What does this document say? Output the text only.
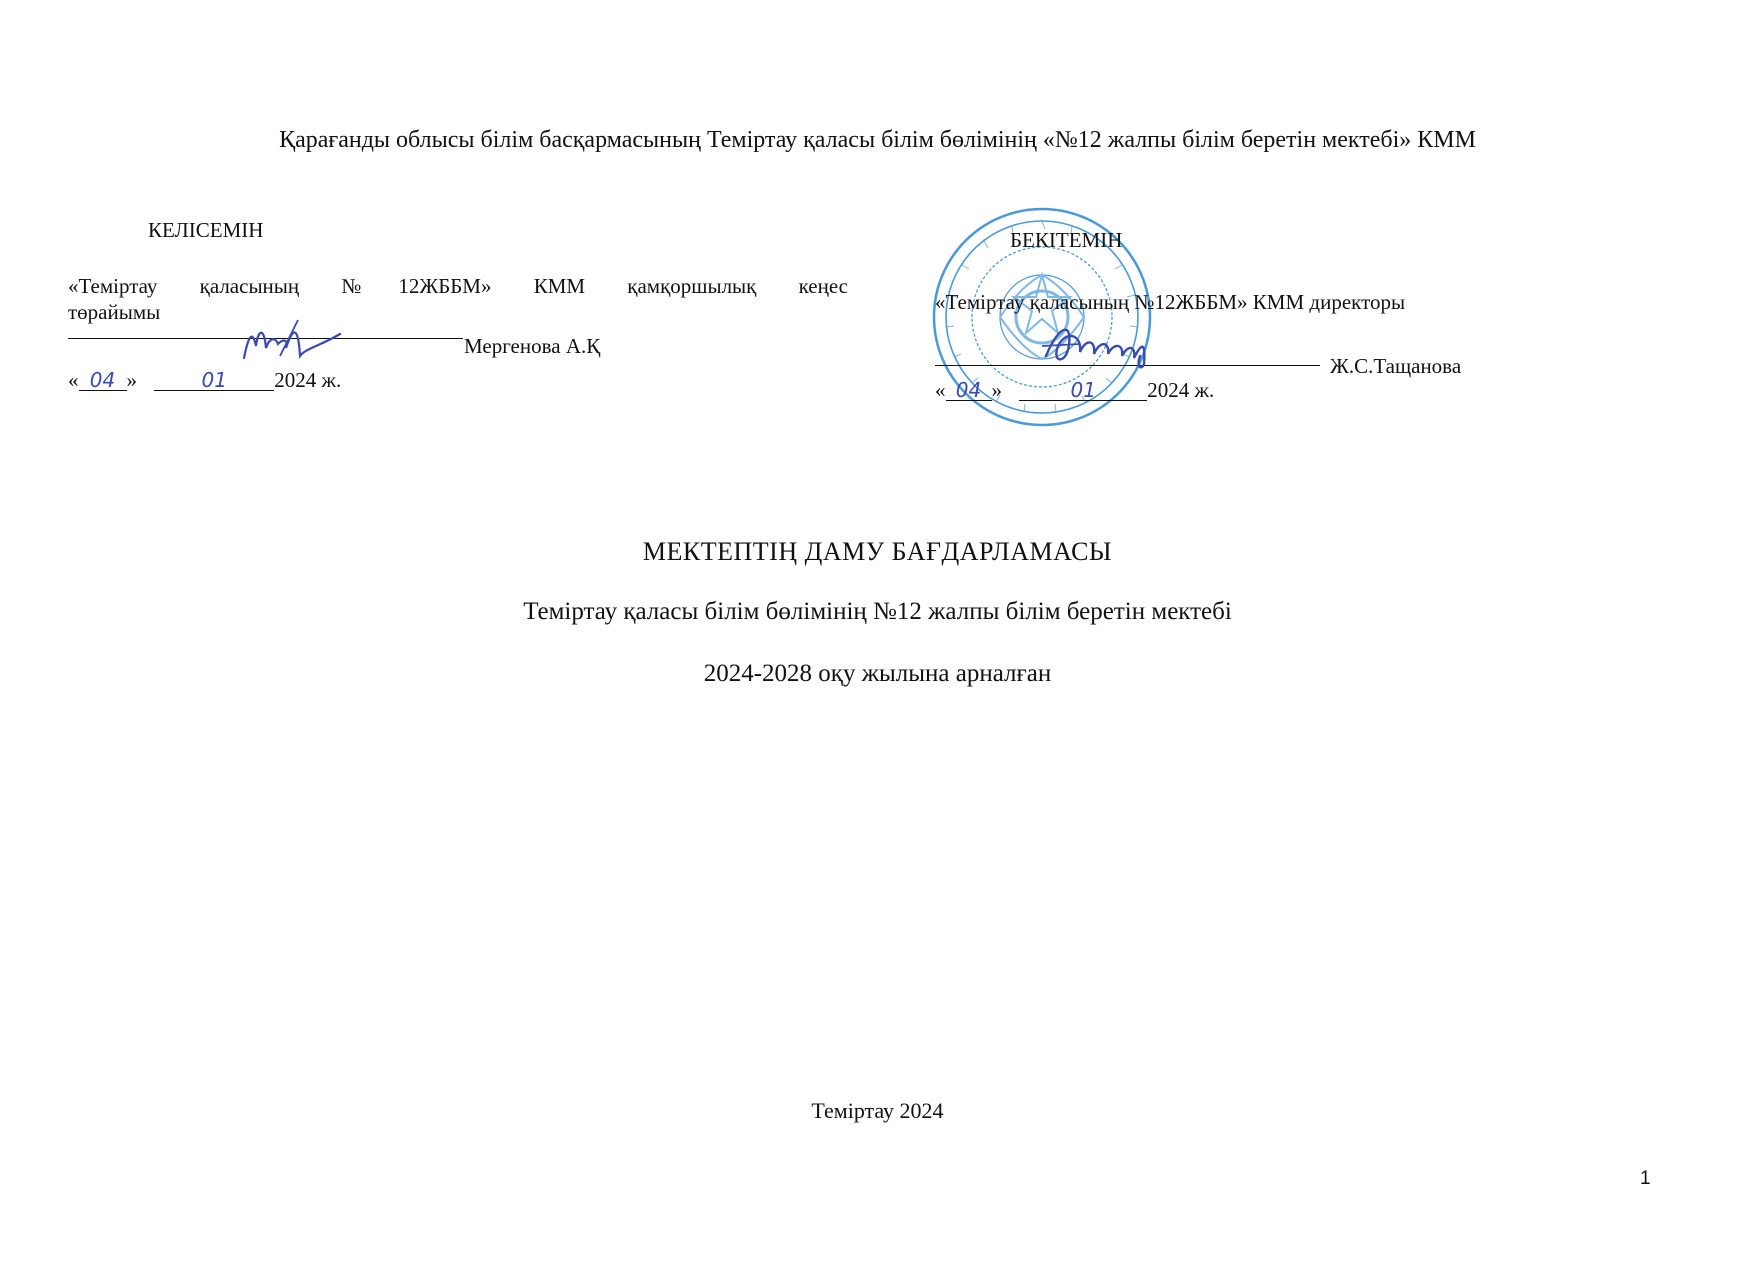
Қарағанды облысы білім басқармасының Теміртау қаласы білім бөлімінің «№12 жалпы білім беретін мектебі» КММ
КЕЛІСЕМІН
«Теміртау қаласының №12ЖББМ» КММ қамқоршылық кеңес
төрайымы
Мергенова А.Қ
« 04 »	01 2024 ж.
БЕКІТЕМІН
«Теміртау қаласының №12ЖББМ» КММ директоры
Ж.С.Тащанова
« 04 »	01 2024 ж.
МЕКТЕПТІҢ ДАМУ БАҒДАРЛАМАСЫ
Теміртау қаласы білім бөлімінің №12 жалпы білім беретін мектебі
2024-2028 оқу жылына арналған
Теміртау 2024
1
